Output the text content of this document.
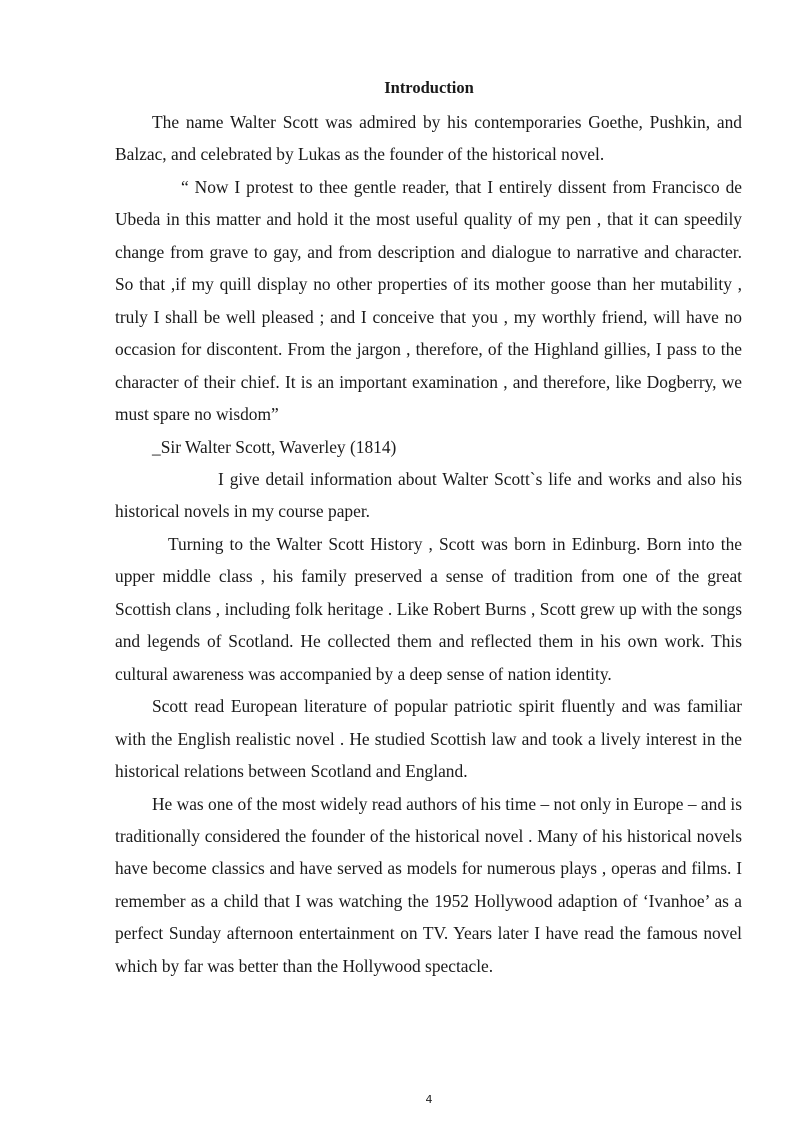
Introduction

The name Walter Scott was admired by his contemporaries Goethe, Pushkin, and Balzac, and celebrated by Lukas as the founder of the historical novel.

“ Now I protest to thee gentle reader, that I entirely dissent from Francisco de Ubeda in this matter and hold it the most useful quality of my pen , that it can speedily change from grave to gay, and from description and dialogue to narrative and character. So that ,if my quill display no other properties of its mother goose than her mutability , truly I shall be well pleased ; and I conceive that you , my worthly friend, will have no occasion for discontent. From the jargon , therefore, of the Highland gillies, I pass to the character of their chief. It is an important examination , and therefore, like Dogberry, we must spare no wisdom”

_Sir Walter Scott, Waverley (1814)

I give detail information about Walter Scott`s life and works and also his historical novels in my course paper.

Turning to the Walter Scott History , Scott was born in Edinburg. Born into the upper middle class , his family preserved a sense of tradition from one of the great Scottish clans , including folk heritage . Like Robert Burns , Scott grew up with the songs and legends of Scotland. He collected them and reflected them in his own work. This cultural awareness was accompanied by a deep sense of nation identity.

Scott read European literature of popular patriotic spirit fluently and was familiar with the English realistic novel . He studied Scottish law and took a lively interest in the historical relations between Scotland and England.

He was one of the most widely read authors of his time – not only in Europe – and is traditionally considered the founder of the historical novel . Many of his historical novels have become classics and have served as models for numerous plays , operas and films. I remember as a child that I was watching the 1952 Hollywood adaption of ‘Ivanhoe’ as a perfect Sunday afternoon entertainment on TV. Years later I have read the famous novel which by far was better than the Hollywood spectacle.

4
